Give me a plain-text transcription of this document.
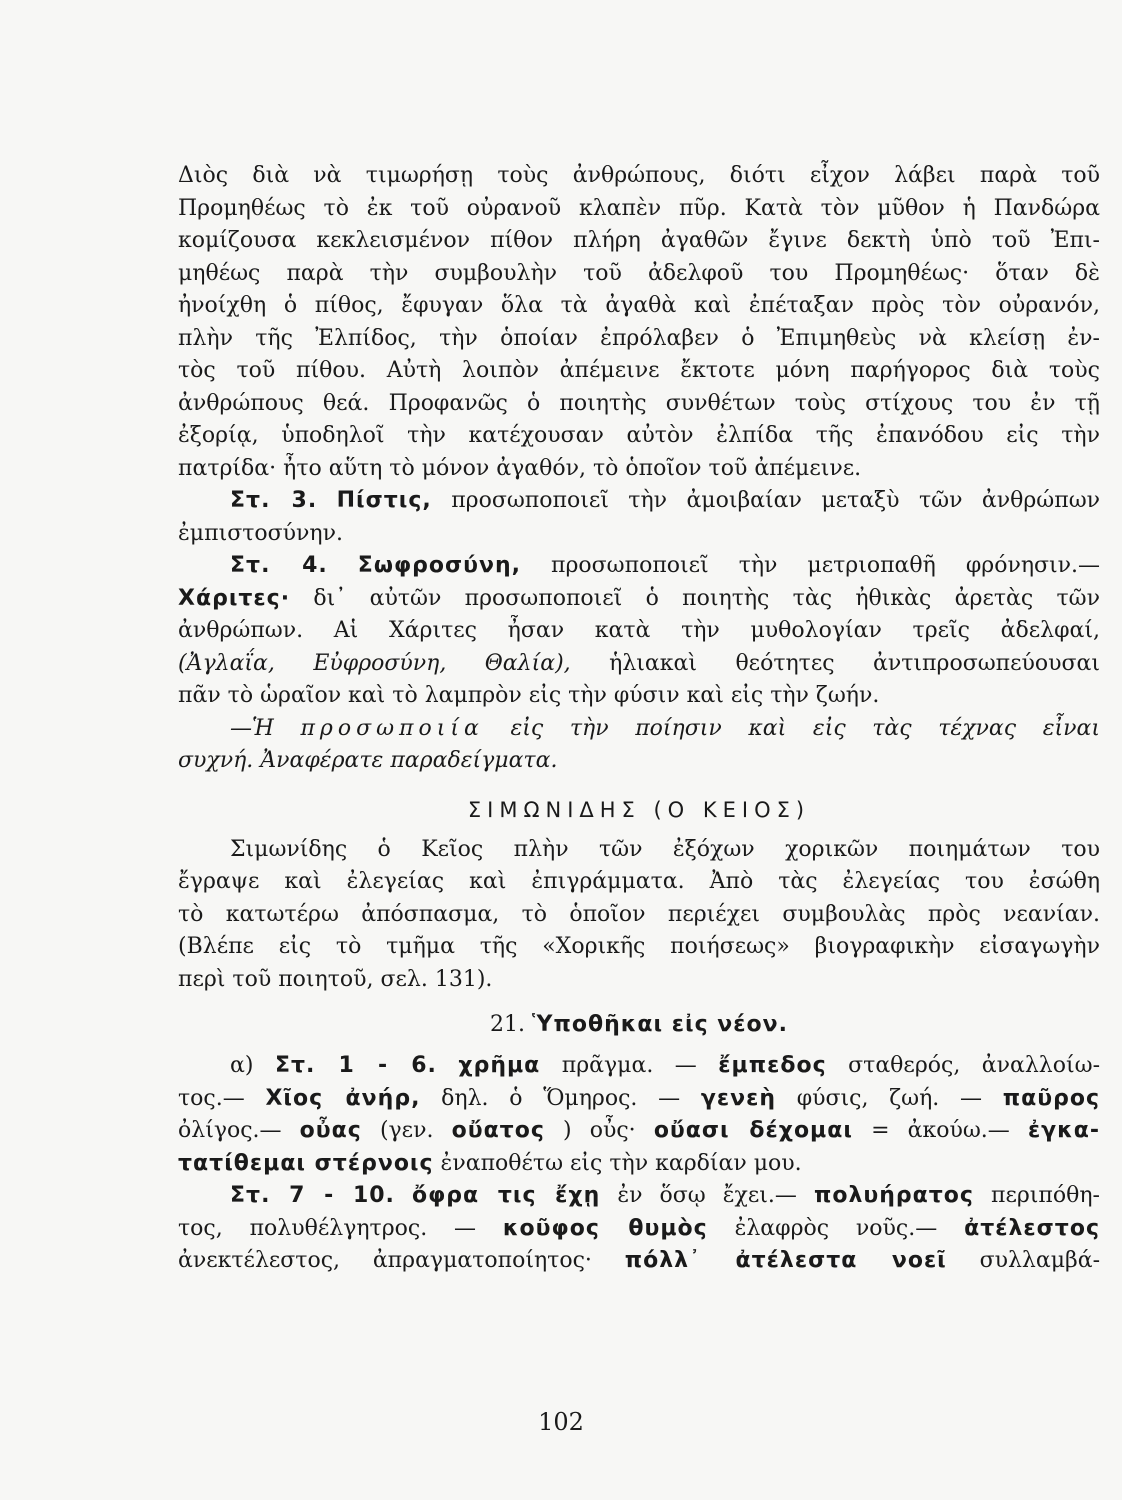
Διὸς διὰ νὰ τιμωρήσῃ τοὺς ἀνθρώπους, διότι εἶχον λάβει παρὰ τοῦ
Προμηθέως τὸ ἐκ τοῦ οὐρανοῦ κλαπὲν πῦρ. Κατὰ τὸν μῦθον ἡ Πανδώρα
κομίζουσα κεκλεισμένον πίθον πλήρη ἀγαθῶν ἔγινε δεκτὴ ὑπὸ τοῦ Ἐπι-
μηθέως παρὰ τὴν συμβουλὴν τοῦ ἀδελφοῦ του Προμηθέως· ὅταν δὲ
ἠνοίχθη ὁ πίθος, ἔφυγαν ὅλα τὰ ἀγαθὰ καὶ ἐπέταξαν πρὸς τὸν οὐρανόν,
πλὴν τῆς Ἐλπίδος, τὴν ὁποίαν ἐπρόλαβεν ὁ Ἐπιμηθεὺς νὰ κλείσῃ ἐν-
τὸς τοῦ πίθου. Αὐτὴ λοιπὸν ἀπέμεινε ἔκτοτε μόνη παρήγορος διὰ τοὺς
ἀνθρώπους θεά. Προφανῶς ὁ ποιητὴς συνθέτων τοὺς στίχους του ἐν τῇ
ἐξορίᾳ, ὑποδηλοῖ τὴν κατέχουσαν αὐτὸν ἐλπίδα τῆς ἐπανόδου εἰς τὴν
πατρίδα· ἦτο αὕτη τὸ μόνον ἀγαθόν, τὸ ὁποῖον τοῦ ἀπέμεινε.
Στ. 3. Πίστις, προσωποποιεῖ τὴν ἀμοιβαίαν μεταξὺ τῶν ἀνθρώπων
ἐμπιστοσύνην.
Στ. 4. Σωφροσύνη, προσωποποιεῖ τὴν μετριοπαθῆ φρόνησιν.—
Χάριτες· δι᾽ αὐτῶν προσωποποιεῖ ὁ ποιητὴς τὰς ἠθικὰς ἀρετὰς τῶν
ἀνθρώπων. Αἱ Χάριτες ἦσαν κατὰ τὴν μυθολογίαν τρεῖς ἀδελφαί,
(Ἀγλαΐα, Εὐφροσύνη, Θαλία), ἡλιακαὶ θεότητες ἀντιπροσωπεύουσαι
πᾶν τὸ ὡραῖον καὶ τὸ λαμπρὸν εἰς τὴν φύσιν καὶ εἰς τὴν ζωήν.
—Ἡ προσωποιία εἰς τὴν ποίησιν καὶ εἰς τὰς τέχνας εἶναι
συχνή. Ἀναφέρατε παραδείγματα.
ΣΙΜΩΝΙΔΗΣ (Ο ΚΕΙΟΣ)
Σιμωνίδης ὁ Κεῖος πλὴν τῶν ἐξόχων χορικῶν ποιημάτων του
ἔγραψε καὶ ἐλεγείας καὶ ἐπιγράμματα. Ἀπὸ τὰς ἐλεγείας του ἐσώθη
τὸ κατωτέρω ἀπόσπασμα, τὸ ὁποῖον περιέχει συμβουλὰς πρὸς νεανίαν.
(Βλέπε εἰς τὸ τμῆμα τῆς «Χορικῆς ποιήσεως» βιογραφικὴν εἰσαγωγὴν
περὶ τοῦ ποιητοῦ, σελ. 131).
21. Ὑποθῆκαι εἰς νέον.
α) Στ. 1 - 6. χρῆμα πρᾶγμα. — ἔμπεδος σταθερός, ἀναλλοίω-
τος.— Χῖος ἀνήρ, δηλ. ὁ Ὅμηρος. — γενεὴ φύσις, ζωή. — παῦρος
ὀλίγος.— οὖας (γεν. οὔατος ) οὖς· οὔασι δέχομαι = ἀκούω.— ἐγκα-
τατίθεμαι στέρνοις ἐναποθέτω εἰς τὴν καρδίαν μου.
Στ. 7 - 10. ὄφρα τις ἔχῃ ἐν ὅσῳ ἔχει.— πολυήρατος περιπόθη-
τος, πολυθέλγητρος. — κοῦφος θυμὸς ἐλαφρὸς νοῦς.— ἀτέλεστος
ἀνεκτέλεστος, ἀπραγματοποίητος· πόλλ᾽ ἀτέλεστα νοεῖ συλλαμβά-
102
